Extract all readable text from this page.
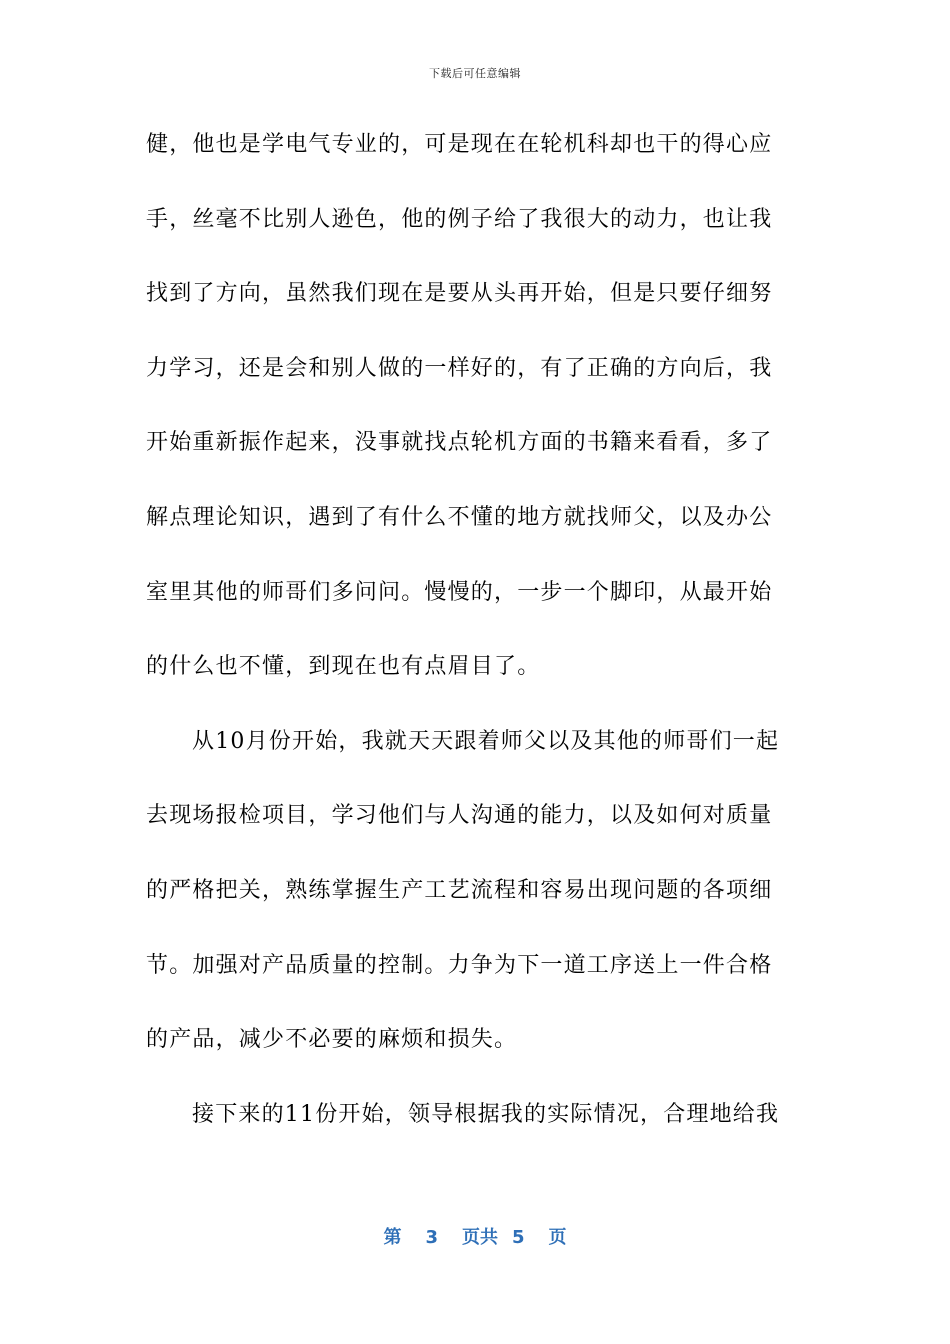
下载后可任意编辑
健，他也是学电气专业的，可是现在在轮机科却也干的得心应
手，丝毫不比别人逊色，他的例子给了我很大的动力，也让我
找到了方向，虽然我们现在是要从头再开始，但是只要仔细努
力学习，还是会和别人做的一样好的，有了正确的方向后，我
开始重新振作起来，没事就找点轮机方面的书籍来看看，多了
解点理论知识，遇到了有什么不懂的地方就找师父，以及办公
室里其他的师哥们多问问。慢慢的，一步一个脚印，从最开始
的什么也不懂，到现在也有点眉目了。
从10月份开始，我就天天跟着师父以及其他的师哥们一起
去现场报检项目，学习他们与人沟通的能力，以及如何对质量
的严格把关，熟练掌握生产工艺流程和容易出现问题的各项细
节。加强对产品质量的控制。力争为下一道工序送上一件合格
的产品，减少不必要的麻烦和损失。
接下来的11份开始，领导根据我的实际情况，合理地给我
第 3 页共 5 页
